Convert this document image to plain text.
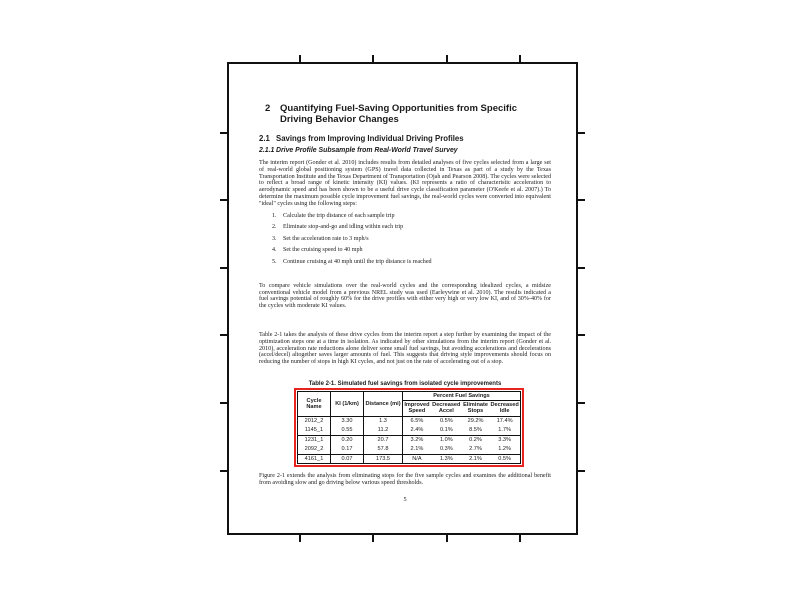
2	Quantifying Fuel-Saving Opportunities from Specific Driving Behavior Changes
2.1 Savings from Improving Individual Driving Profiles
2.1.1 Drive Profile Subsample from Real-World Travel Survey
The interim report (Gonder et al. 2010) includes results from detailed analyses of five cycles selected from a large set of real-world global positioning system (GPS) travel data collected in Texas as part of a study by the Texas Transportation Institute and the Texas Department of Transportation (Ojah and Pearson 2008). The cycles were selected to reflect a broad range of kinetic intensity (KI) values. (KI represents a ratio of characteristic acceleration to aerodynamic speed and has been shown to be a useful drive cycle classification parameter (O'Keefe et al. 2007).) To determine the maximum possible cycle improvement fuel savings, the real-world cycles were converted into equivalent "ideal" cycles using the following steps:
1.	Calculate the trip distance of each sample trip
2.	Eliminate stop-and-go and idling within each trip
3.	Set the acceleration rate to 3 mph/s
4.	Set the cruising speed to 40 mph
5.	Continue cruising at 40 mph until the trip distance is reached
To compare vehicle simulations over the real-world cycles and the corresponding idealized cycles, a midsize conventional vehicle model from a previous NREL study was used (Earleywine et al. 2010). The results indicated a fuel savings potential of roughly 60% for the drive profiles with either very high or very low KI, and of 30%-40% for the cycles with moderate KI values.
Table 2-1 takes the analysis of these drive cycles from the interim report a step further by examining the impact of the optimization steps one at a time in isolation. As indicated by other simulations from the interim report (Gonder et al. 2010), acceleration rate reductions alone deliver some small fuel savings, but avoiding accelerations and decelerations (accel/decel) altogether saves larger amounts of fuel. This suggests that driving style improvements should focus on reducing the number of stops in high KI cycles, and not just on the rate of accelerating out of a stop.
Table 2-1. Simulated fuel savings from isolated cycle improvements
Cycle Name	KI (1/km)	Distance (mi)	Percent Fuel Savings			
			Improved Speed	Decreased Accel	Eliminate Stops	Decreased Idle
2012_2	3.30	1.3	6.5%	0.5%	29.2%	17.4%
1145_1	0.55	11.2	2.4%	0.1%	8.5%	1.7%
1231_1	0.20	20.7	3.2%	1.0%	0.2%	3.3%
2092_2	0.17	57.8	2.1%	0.3%	2.7%	1.2%
4161_1	0.07	173.5	N/A	1.3%	2.1%	0.5%
Figure 2-1 extends the analysis from eliminating stops for the five sample cycles and examines the additional benefit from avoiding slow and go driving below various speed thresholds.
5
